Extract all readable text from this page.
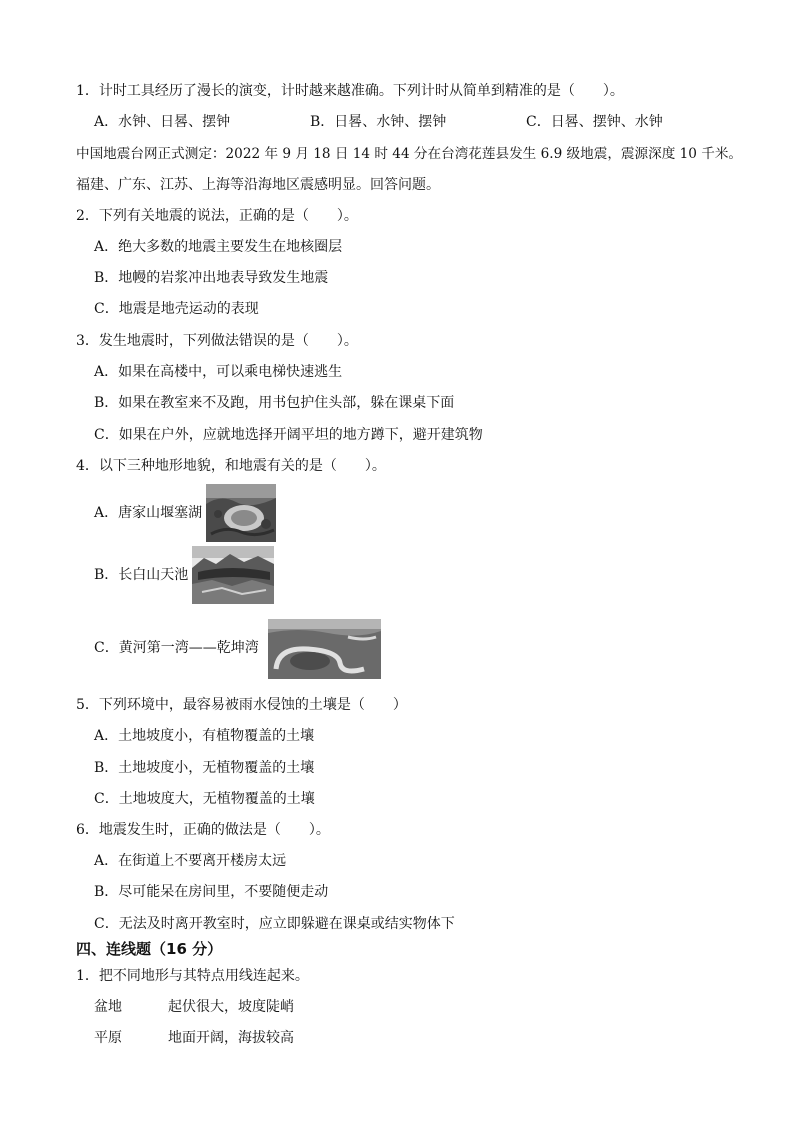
1．计时工具经历了漫长的演变，计时越来越准确。下列计时从简单到精准的是（　　）。
A．水钟、日晷、摆钟	B．日晷、水钟、摆钟	C．日晷、摆钟、水钟
中国地震台网正式测定：2022 年 9 月 18 日 14 时 44 分在台湾花莲县发生 6.9 级地震，震源深度 10 千米。
福建、广东、江苏、上海等沿海地区震感明显。回答问题。
2．下列有关地震的说法，正确的是（　　）。
A．绝大多数的地震主要发生在地核圈层
B．地幔的岩浆冲出地表导致发生地震
C．地震是地壳运动的表现
3．发生地震时，下列做法错误的是（　　）。
A．如果在高楼中，可以乘电梯快速逃生
B．如果在教室来不及跑，用书包护住头部，躲在课桌下面
C．如果在户外，应就地选择开阔平坦的地方蹲下，避开建筑物
4．以下三种地形地貌，和地震有关的是（　　）。
A．唐家山堰塞湖
B．长白山天池
C．黄河第一湾——乾坤湾
5．下列环境中，最容易被雨水侵蚀的土壤是（　　）
A．土地坡度小，有植物覆盖的土壤
B．土地坡度小，无植物覆盖的土壤
C．土地坡度大，无植物覆盖的土壤
6．地震发生时，正确的做法是（　　）。
A．在街道上不要离开楼房太远
B．尽可能呆在房间里，不要随便走动
C．无法及时离开教室时，应立即躲避在课桌或结实物体下
四、连线题（16 分）
1．把不同地形与其特点用线连起来。
盆地	起伏很大，坡度陡峭
平原	地面开阔，海拔较高
